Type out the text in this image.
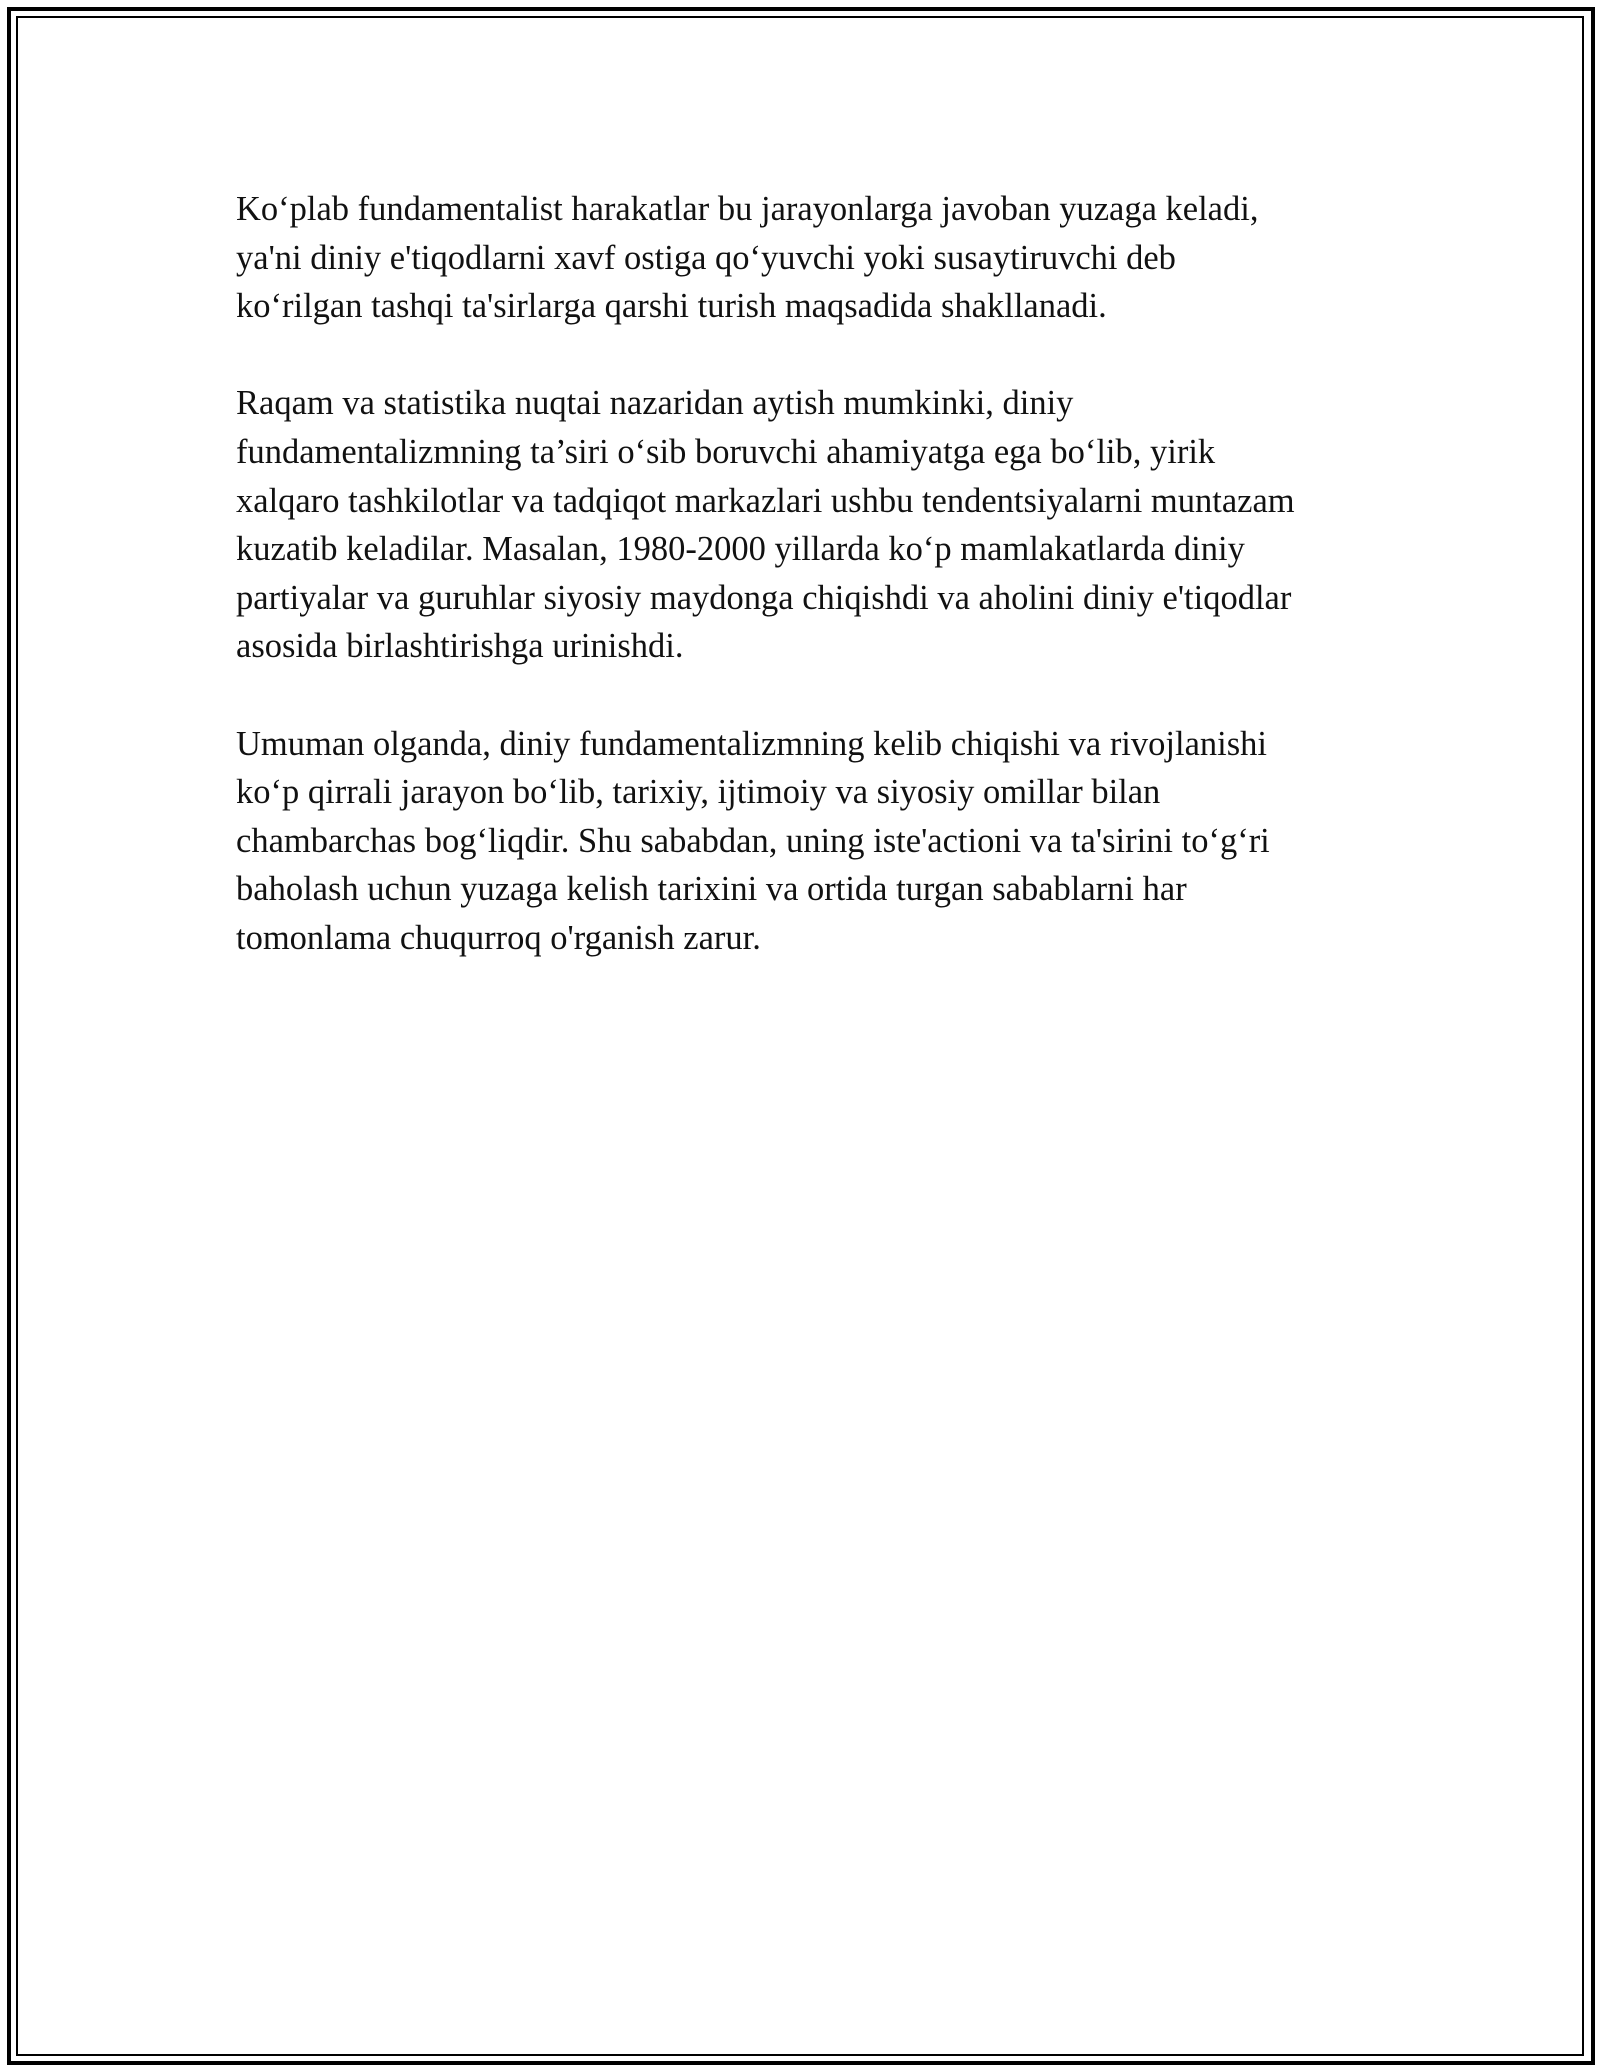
Koʻplab fundamentalist harakatlar bu jarayonlarga javoban yuzaga keladi,
ya'ni diniy e'tiqodlarni xavf ostiga qoʻyuvchi yoki susaytiruvchi deb
koʻrilgan tashqi ta'sirlarga qarshi turish maqsadida shakllanadi.

Raqam va statistika nuqtai nazaridan aytish mumkinki, diniy
fundamentalizmning ta’siri oʻsib boruvchi ahamiyatga ega boʻlib, yirik
xalqaro tashkilotlar va tadqiqot markazlari ushbu tendentsiyalarni muntazam
kuzatib keladilar. Masalan, 1980-2000 yillarda koʻp mamlakatlarda diniy
partiyalar va guruhlar siyosiy maydonga chiqishdi va aholini diniy e'tiqodlar
asosida birlashtirishga urinishdi.

Umuman olganda, diniy fundamentalizmning kelib chiqishi va rivojlanishi
koʻp qirrali jarayon boʻlib, tarixiy, ijtimoiy va siyosiy omillar bilan
chambarchas bogʻliqdir. Shu sababdan, uning iste'actioni va ta'sirini toʻgʻri
baholash uchun yuzaga kelish tarixini va ortida turgan sabablarni har
tomonlama chuqurroq o'rganish zarur.
